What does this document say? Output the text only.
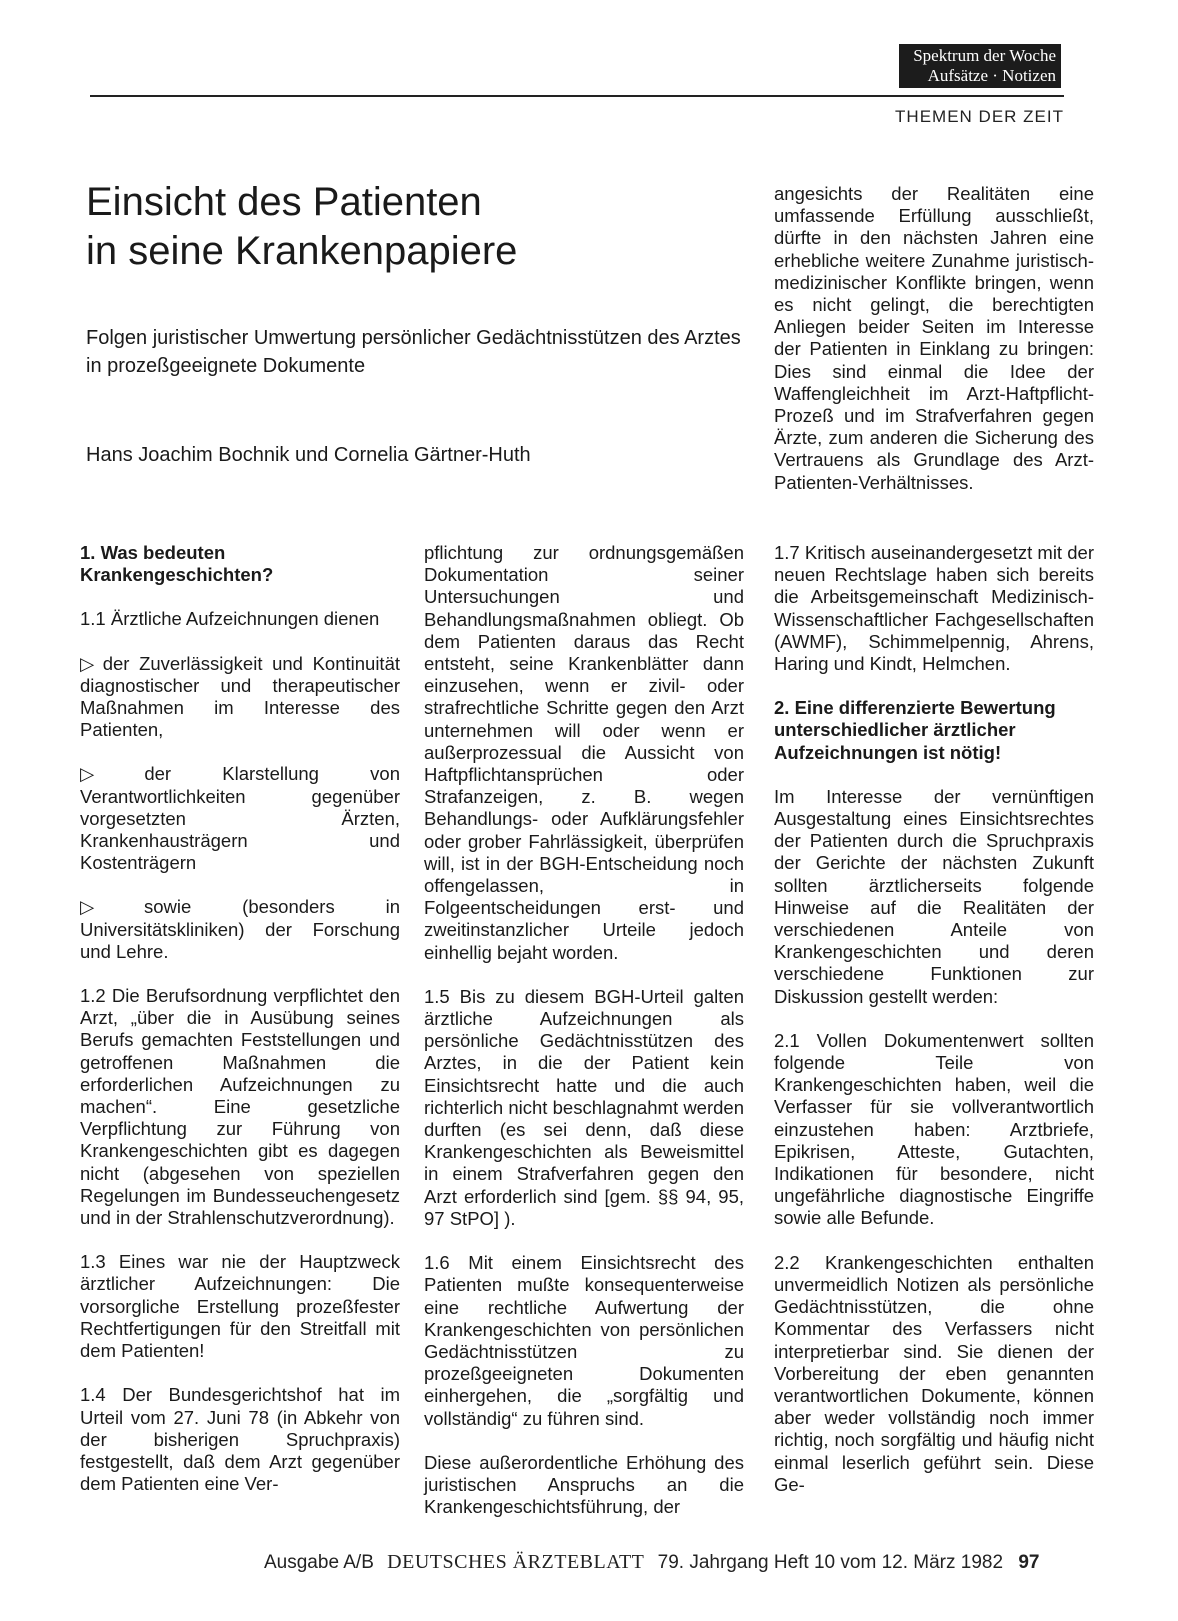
Spektrum der Woche
Aufsätze · Notizen
THEMEN DER ZEIT
Einsicht des Patienten
in seine Krankenpapiere
Folgen juristischer Umwertung persönlicher Gedächtnisstützen des Arztes in prozeßgeeignete Dokumente
Hans Joachim Bochnik und Cornelia Gärtner-Huth

angesichts der Realitäten eine umfassende Erfüllung ausschließt, dürfte in den nächsten Jahren eine erhebliche weitere Zunahme juristisch-medizinischer Konflikte bringen, wenn es nicht gelingt, die berechtigten Anliegen beider Seiten im Interesse der Patienten in Einklang zu bringen: Dies sind einmal die Idee der Waffengleichheit im Arzt-Haftpflicht-Prozeß und im Strafverfahren gegen Ärzte, zum anderen die Sicherung des Vertrauens als Grundlage des Arzt-Patienten-Verhältnisses.

1. Was bedeuten Krankengeschichten?

1.1 Ärztliche Aufzeichnungen dienen

▷ der Zuverlässigkeit und Kontinuität diagnostischer und therapeutischer Maßnahmen im Interesse des Patienten,

▷ der Klarstellung von Verantwortlichkeiten gegenüber vorgesetzten Ärzten, Krankenhausträgern und Kostenträgern

▷ sowie (besonders in Universitätskliniken) der Forschung und Lehre.

1.2 Die Berufsordnung verpflichtet den Arzt, „über die in Ausübung seines Berufs gemachten Feststellungen und getroffenen Maßnahmen die erforderlichen Aufzeichnungen zu machen“. Eine gesetzliche Verpflichtung zur Führung von Krankengeschichten gibt es dagegen nicht (abgesehen von speziellen Regelungen im Bundesseuchengesetz und in der Strahlenschutzverordnung).

1.3 Eines war nie der Hauptzweck ärztlicher Aufzeichnungen: Die vorsorgliche Erstellung prozeßfester Rechtfertigungen für den Streitfall mit dem Patienten!

1.4 Der Bundesgerichtshof hat im Urteil vom 27. Juni 78 (in Abkehr von der bisherigen Spruchpraxis) festgestellt, daß dem Arzt gegenüber dem Patienten eine Ver-

pflichtung zur ordnungsgemäßen Dokumentation seiner Untersuchungen und Behandlungsmaßnahmen obliegt. Ob dem Patienten daraus das Recht entsteht, seine Krankenblätter dann einzusehen, wenn er zivil- oder strafrechtliche Schritte gegen den Arzt unternehmen will oder wenn er außerprozessual die Aussicht von Haftpflichtansprüchen oder Strafanzeigen, z. B. wegen Behandlungs- oder Aufklärungsfehler oder grober Fahrlässigkeit, überprüfen will, ist in der BGH-Entscheidung noch offengelassen, in Folgeentscheidungen erst- und zweitinstanzlicher Urteile jedoch einhellig bejaht worden.

1.5 Bis zu diesem BGH-Urteil galten ärztliche Aufzeichnungen als persönliche Gedächtnisstützen des Arztes, in die der Patient kein Einsichtsrecht hatte und die auch richterlich nicht beschlagnahmt werden durften (es sei denn, daß diese Krankengeschichten als Beweismittel in einem Strafverfahren gegen den Arzt erforderlich sind [gem. §§ 94, 95, 97 StPO] ).

1.6 Mit einem Einsichtsrecht des Patienten mußte konsequenterweise eine rechtliche Aufwertung der Krankengeschichten von persönlichen Gedächtnisstützen zu prozeßgeeigneten Dokumenten einhergehen, die „sorgfältig und vollständig“ zu führen sind.

Diese außerordentliche Erhöhung des juristischen Anspruchs an die Krankengeschichtsführung, der

1.7 Kritisch auseinandergesetzt mit der neuen Rechtslage haben sich bereits die Arbeitsgemeinschaft Medizinisch-Wissenschaftlicher Fachgesellschaften (AWMF), Schimmelpennig, Ahrens, Haring und Kindt, Helmchen.

2. Eine differenzierte Bewertung unterschiedlicher ärztlicher Aufzeichnungen ist nötig!

Im Interesse der vernünftigen Ausgestaltung eines Einsichtsrechtes der Patienten durch die Spruchpraxis der Gerichte der nächsten Zukunft sollten ärztlicherseits folgende Hinweise auf die Realitäten der verschiedenen Anteile von Krankengeschichten und deren verschiedene Funktionen zur Diskussion gestellt werden:

2.1 Vollen Dokumentenwert sollten folgende Teile von Krankengeschichten haben, weil die Verfasser für sie vollverantwortlich einzustehen haben: Arztbriefe, Epikrisen, Atteste, Gutachten, Indikationen für besondere, nicht ungefährliche diagnostische Eingriffe sowie alle Befunde.

2.2 Krankengeschichten enthalten unvermeidlich Notizen als persönliche Gedächtnisstützen, die ohne Kommentar des Verfassers nicht interpretierbar sind. Sie dienen der Vorbereitung der eben genannten verantwortlichen Dokumente, können aber weder vollständig noch immer richtig, noch sorgfältig und häufig nicht einmal leserlich geführt sein. Diese Ge-

Ausgabe A/B DEUTSCHES ÄRZTEBLATT 79. Jahrgang Heft 10 vom 12. März 1982 97
